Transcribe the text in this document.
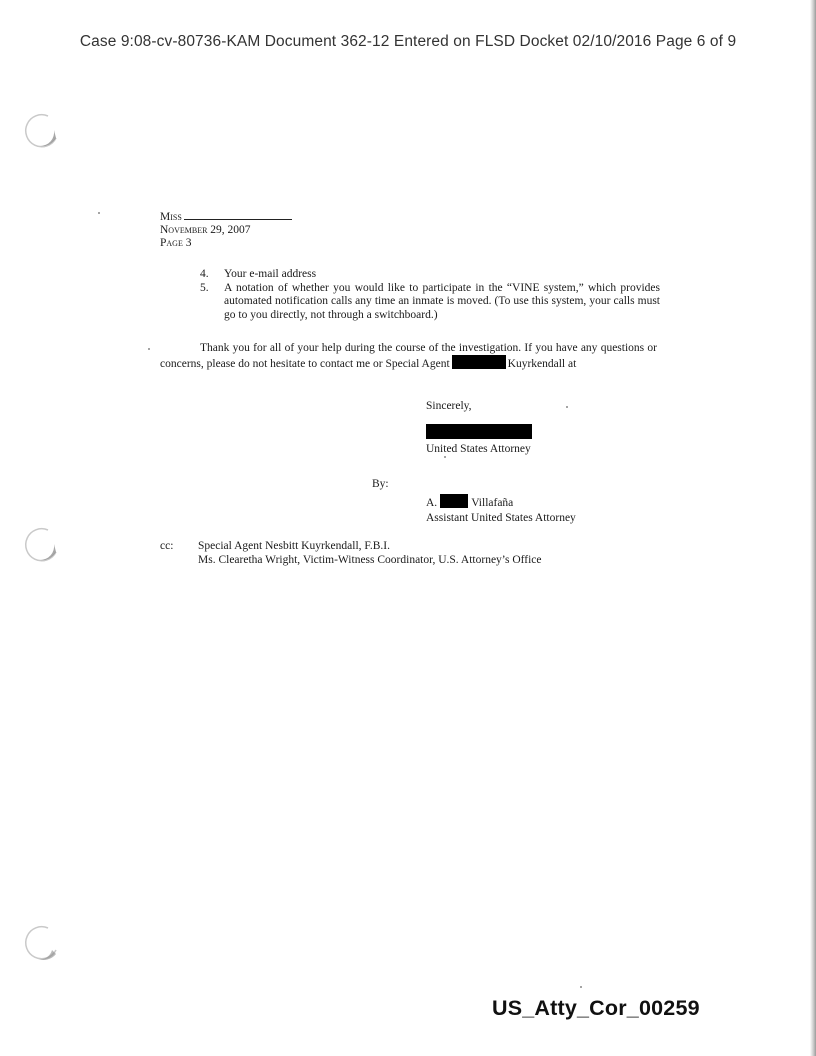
Case 9:08-cv-80736-KAM Document 362-12 Entered on FLSD Docket 02/10/2016 Page 6 of 9
Miss
November 29, 2007
Page 3
4.	Your e-mail address
5.	A notation of whether you would like to participate in the “VINE system,” which provides automated notification calls any time an inmate is moved. (To use this system, your calls must go to you directly, not through a switchboard.)
Thank you for all of your help during the course of the investigation. If you have any questions or concerns, please do not hesitate to contact me or Special Agent	Kuyrkendall at
Sincerely,
United States Attorney
By:
A.	Villafaña
Assistant United States Attorney
cc:	Special Agent Nesbitt Kuyrkendall, F.B.I.
Ms. Clearetha Wright, Victim-Witness Coordinator, U.S. Attorney’s Office
US_Atty_Cor_00259
